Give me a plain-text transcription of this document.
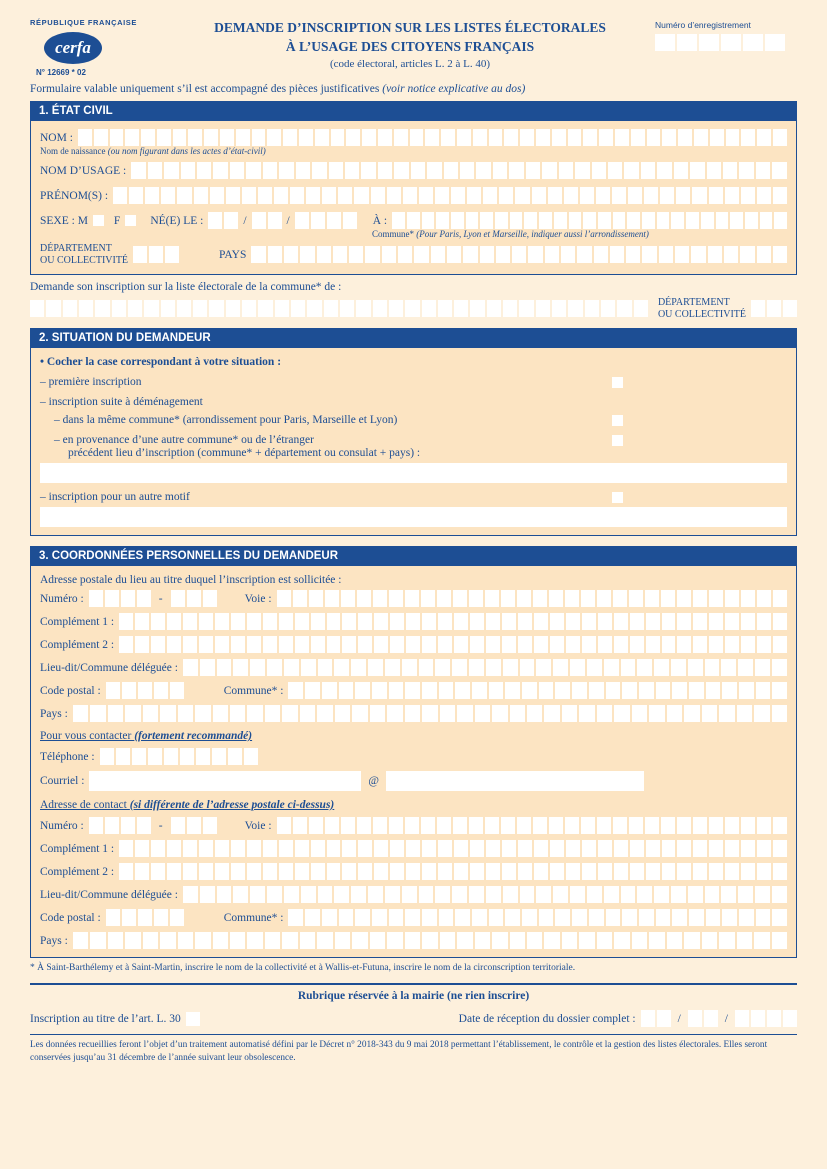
RÉPUBLIQUE FRANÇAISE
cerfa
N° 12669 * 02
DEMANDE D’INSCRIPTION SUR LES LISTES ÉLECTORALES
À L’USAGE DES CITOYENS FRANÇAIS
(code électoral, articles L. 2 à L. 40)
Numéro d’enregistrement
Formulaire valable uniquement s’il est accompagné des pièces justificatives (voir notice explicative au dos)
1. ÉTAT CIVIL
NOM :
Nom de naissance (ou nom figurant dans les actes d’état-civil)
NOM D’USAGE :
PRÉNOM(S) :
SEXE : M F	NÉ(E) LE :	/	/	À :
Commune* (Pour Paris, Lyon et Marseille, indiquer aussi l’arrondissement)
DÉPARTEMENT
OU COLLECTIVITÉ	PAYS
Demande son inscription sur la liste électorale de la commune* de :
DÉPARTEMENT
OU COLLECTIVITÉ
2. SITUATION DU DEMANDEUR
• Cocher la case correspondant à votre situation :
– première inscription
– inscription suite à déménagement
– dans la même commune* (arrondissement pour Paris, Marseille et Lyon)
– en provenance d’une autre commune* ou de l’étranger
précédent lieu d’inscription (commune* + département ou consulat + pays) :
– inscription pour un autre motif
3. COORDONNÉES PERSONNELLES DU DEMANDEUR
Adresse postale du lieu au titre duquel l’inscription est sollicitée :
Numéro :	-	Voie :
Complément 1 :
Complément 2 :
Lieu-dit/Commune déléguée :
Code postal :	Commune* :
Pays :
Pour vous contacter (fortement recommandé)
Téléphone :
Courriel :	@
Adresse de contact (si différente de l’adresse postale ci-dessus)
Numéro :	-	Voie :
Complément 1 :
Complément 2 :
Lieu-dit/Commune déléguée :
Code postal :	Commune* :
Pays :
* À Saint-Barthélemy et à Saint-Martin, inscrire le nom de la collectivité et à Wallis-et-Futuna, inscrire le nom de la circonscription territoriale.
Rubrique réservée à la mairie (ne rien inscrire)
Inscription au titre de l’art. L. 30	Date de réception du dossier complet :	/	/
Les données recueillies feront l’objet d’un traitement automatisé défini par le Décret n° 2018-343 du 9 mai 2018 permettant l’établissement, le contrôle et la gestion des listes électorales. Elles seront conservées jusqu’au 31 décembre de l’année suivant leur obsolescence.
